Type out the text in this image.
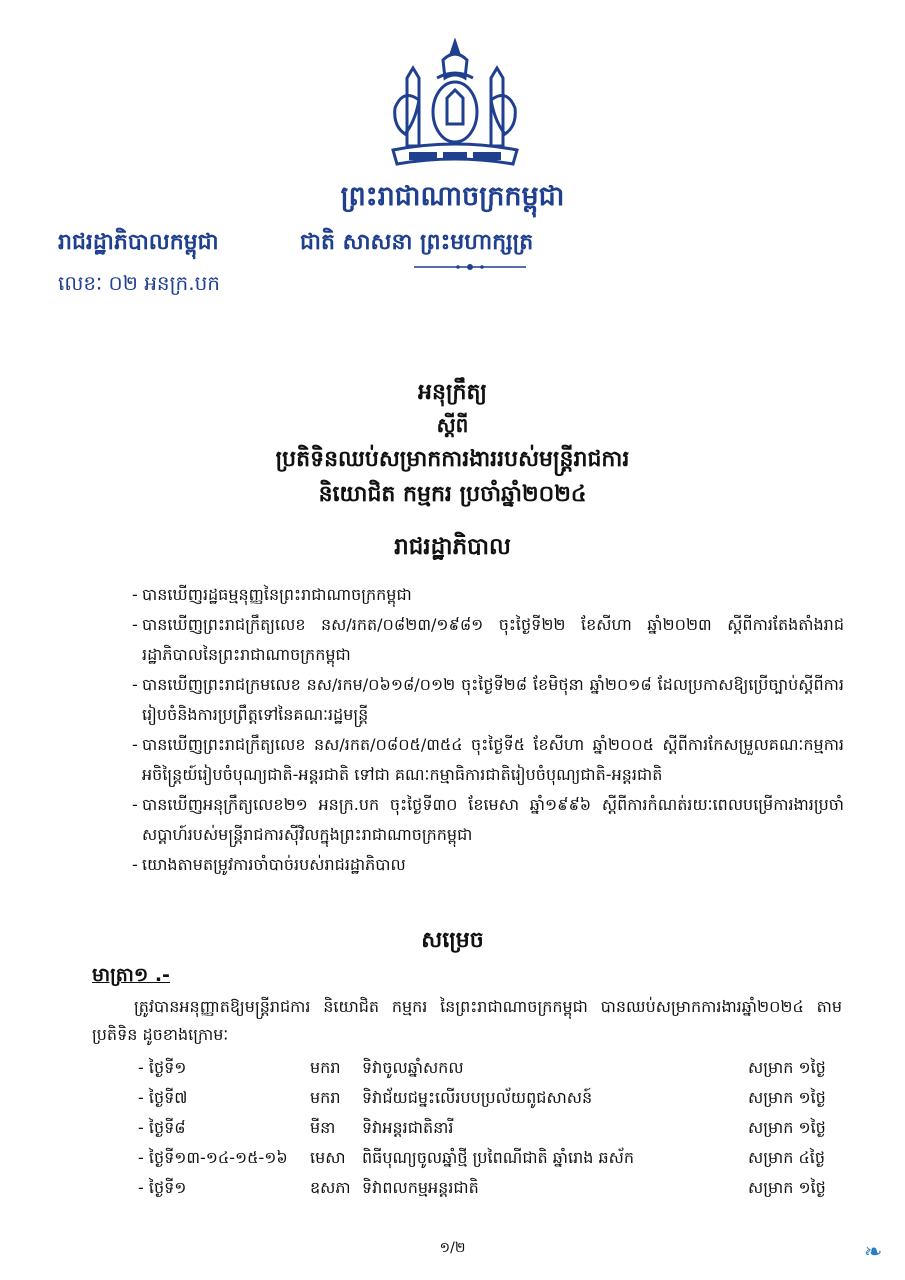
ព្រះរាជាណាចក្រកម្ពុជា
រាជរដ្ឋាភិបាលកម្ពុជា	ជាតិ សាសនា ព្រះមហាក្សត្រ
លេខៈ ០២ អនក្រ.បក
អនុក្រឹត្យ
ស្តីពី
ប្រតិទិនឈប់សម្រាកការងាររបស់មន្ត្រីរាជការ
និយោជិត កម្មករ ប្រចាំឆ្នាំ២០២៤
រាជរដ្ឋាភិបាល

- បានឃើញរដ្ឋធម្មនុញ្ញនៃព្រះរាជាណាចក្រកម្ពុជា

- បានឃើញព្រះរាជក្រឹត្យលេខ នស/រកត/០៨២៣/១៩៨១ ចុះថ្ងៃទី២២ ខែសីហា ឆ្នាំ២០២៣ ស្តីពីការតែងតាំងរាជរដ្ឋាភិបាលនៃព្រះរាជាណាចក្រកម្ពុជា

- បានឃើញព្រះរាជក្រមលេខ នស/រកម/០៦១៨/០១២ ចុះថ្ងៃទី២៨ ខែមិថុនា ឆ្នាំ២០១៨ ដែលប្រកាសឱ្យប្រើច្បាប់ស្តីពីការរៀបចំនិងការប្រព្រឹត្តទៅនៃគណៈរដ្ឋមន្ត្រី

- បានឃើញព្រះរាជក្រឹត្យលេខ នស/រកត/០៨០៥/៣៥៤ ចុះថ្ងៃទី៥ ខែសីហា ឆ្នាំ២០០៥ ស្តីពីការកែសម្រួលគណៈកម្មការអចិន្ត្រៃយ៍រៀបចំបុណ្យជាតិ-អន្តរជាតិ ទៅជា គណៈកម្មាធិការជាតិរៀបចំបុណ្យជាតិ-អន្តរជាតិ

- បានឃើញអនុក្រឹត្យលេខ២១ អនក្រ.បក ចុះថ្ងៃទី៣០ ខែមេសា ឆ្នាំ១៩៩៦ ស្តីពីការកំណត់រយៈពេលបម្រើការងារប្រចាំសប្តាហ៍របស់មន្ត្រីរាជការស៊ីវិលក្នុងព្រះរាជាណាចក្រកម្ពុជា

- យោងតាមតម្រូវការចាំបាច់របស់រាជរដ្ឋាភិបាល

សម្រេច
មាត្រា១ .-
ត្រូវបានអនុញ្ញាតឱ្យមន្ត្រីរាជការ និយោជិត កម្មករ នៃព្រះរាជាណាចក្រកម្ពុជា បានឈប់សម្រាកការងារឆ្នាំ២០២៤ តាមប្រតិទិន ដូចខាងក្រោមៈ
- ថ្ងៃទី១	មករា ទិវាចូលឆ្នាំសកល	សម្រាក ១ថ្ងៃ
- ថ្ងៃទី៧	មករា ទិវាជ័យជម្នះលើរបបប្រល័យពូជសាសន៍	សម្រាក ១ថ្ងៃ
- ថ្ងៃទី៨	មីនា ទិវាអន្តរជាតិនារី	សម្រាក ១ថ្ងៃ
- ថ្ងៃទី១៣-១៤-១៥-១៦ មេសា ពិធីបុណ្យចូលឆ្នាំថ្មី ប្រពៃណីជាតិ ឆ្នាំរោង ឆស័ក	សម្រាក ៤ថ្ងៃ
- ថ្ងៃទី១	ឧសភា ទិវាពលកម្មអន្តរជាតិ	សម្រាក ១ថ្ងៃ
១/២	❧
